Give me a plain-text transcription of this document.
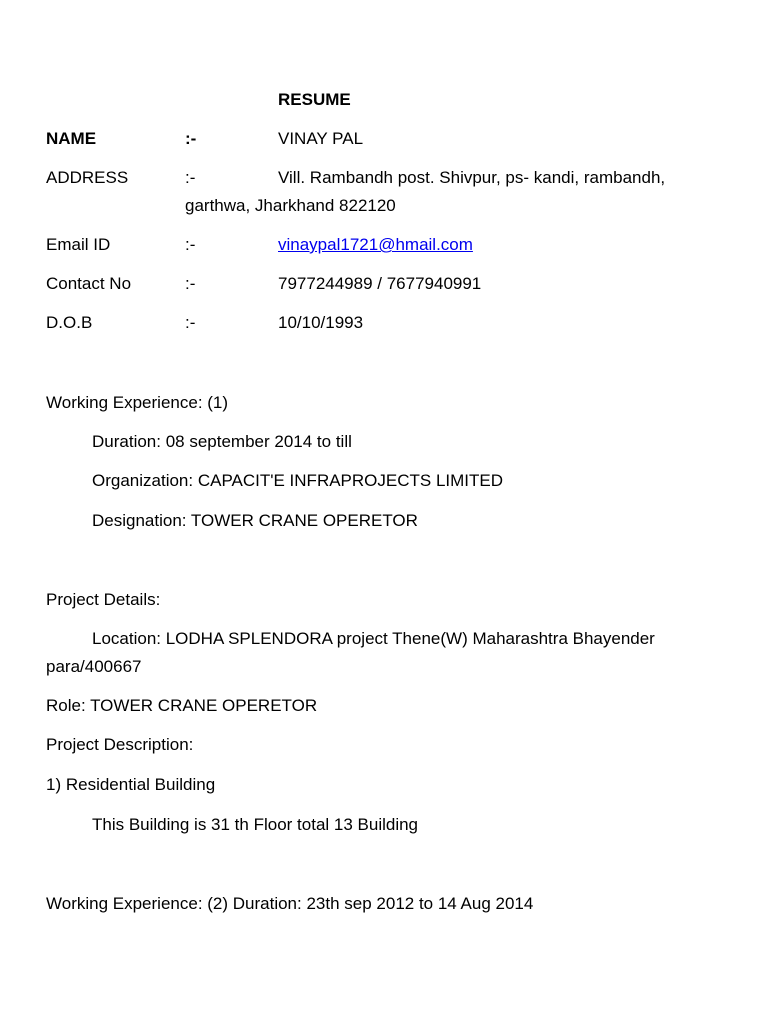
RESUME

NAME	:-	VINAY PAL
ADDRESS	:-	Vill. Rambandh post. Shivpur, ps- kandi, rambandh,
garthwa, Jharkhand 822120
Email ID	:-	vinaypal1721@hmail.com
Contact No	:-	7977244989 / 7677940991
D.O.B	:-	10/10/1993
Working Experience: (1)
Duration: 08 september 2014 to till
Organization: CAPACIT'E INFRAPROJECTS LIMITED
Designation: TOWER CRANE OPERETOR
Project Details:
Location: LODHA SPLENDORA project Thene(W) Maharashtra Bhayender
para/400667
Role: TOWER CRANE OPERETOR
Project Description:
1) Residential Building
This Building is 31 th Floor total 13 Building
Working Experience: (2) Duration: 23th sep 2012 to 14 Aug 2014
